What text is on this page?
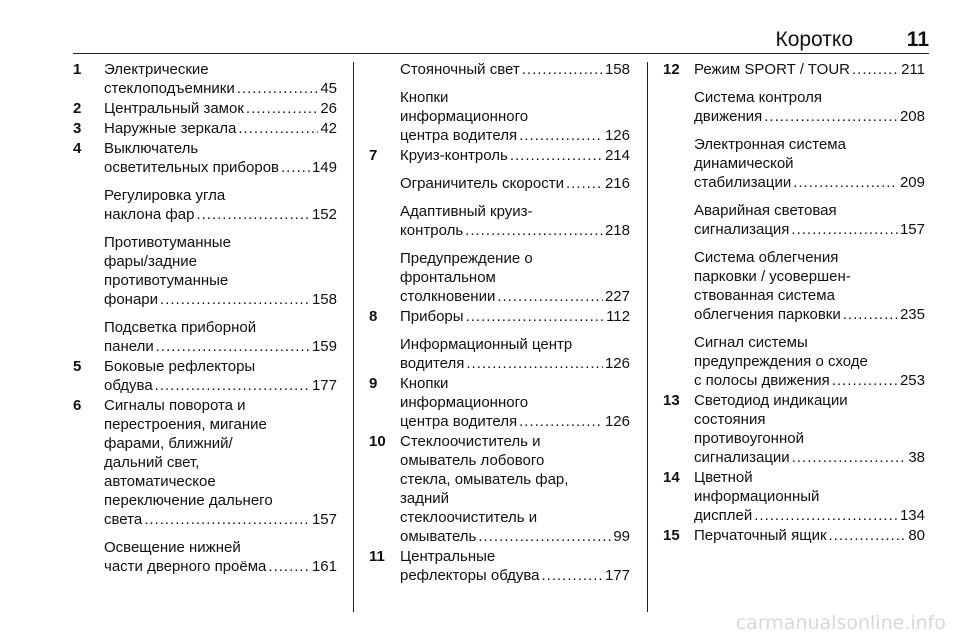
Коротко	11
1 Электрические
стеклоподъемники .....	45
2 Центральный замок .....	26
3 Наружные зеркала .....	42
4 Выключатель
осветительных приборов ..... 149
Регулировка угла
наклона фар .....	152
Противотуманные
фары/задние
противотуманные
фонари .....	158
Подсветка приборной
панели .....	159
5 Боковые рефлекторы
обдува .....	177
6 Сигналы поворота и
перестроения, мигание
фарами, ближний/
дальний свет,
автоматическое
переключение дальнего
света .....	157
Освещение нижней
части дверного проёма .....	161
Стояночный свет .....	158
Кнопки
информационного
центра водителя .....	126
7 Круиз-контроль .....	214
Ограничитель скорости .....	216
Адаптивный круиз-
контроль .....	218
Предупреждение о
фронтальном
столкновении .....	227
8 Приборы .....	112
Информационный центр
водителя .....	126
9 Кнопки
информационного
центра водителя .....	126
10 Стеклоочиститель и
омыватель лобового
стекла, омыватель фар,
задний
стеклоочиститель и
омыватель .....	99
11 Центральные
рефлекторы обдува .....	177
12 Режим SPORT / TOUR .....	211
Система контроля
движения .....	208
Электронная система
динамической
стабилизации .....	209
Аварийная световая
сигнализация .....	157
Система облегчения
парковки / усовершен-
ствованная система
облегчения парковки .....	235
Сигнал системы
предупреждения о сходе
с полосы движения .....	253
13 Светодиод индикации
состояния
противоугонной
сигнализации .....	38
14 Цветной
информационный
дисплей .....	134
15 Перчаточный ящик .....	80
carmanualsonline.info
